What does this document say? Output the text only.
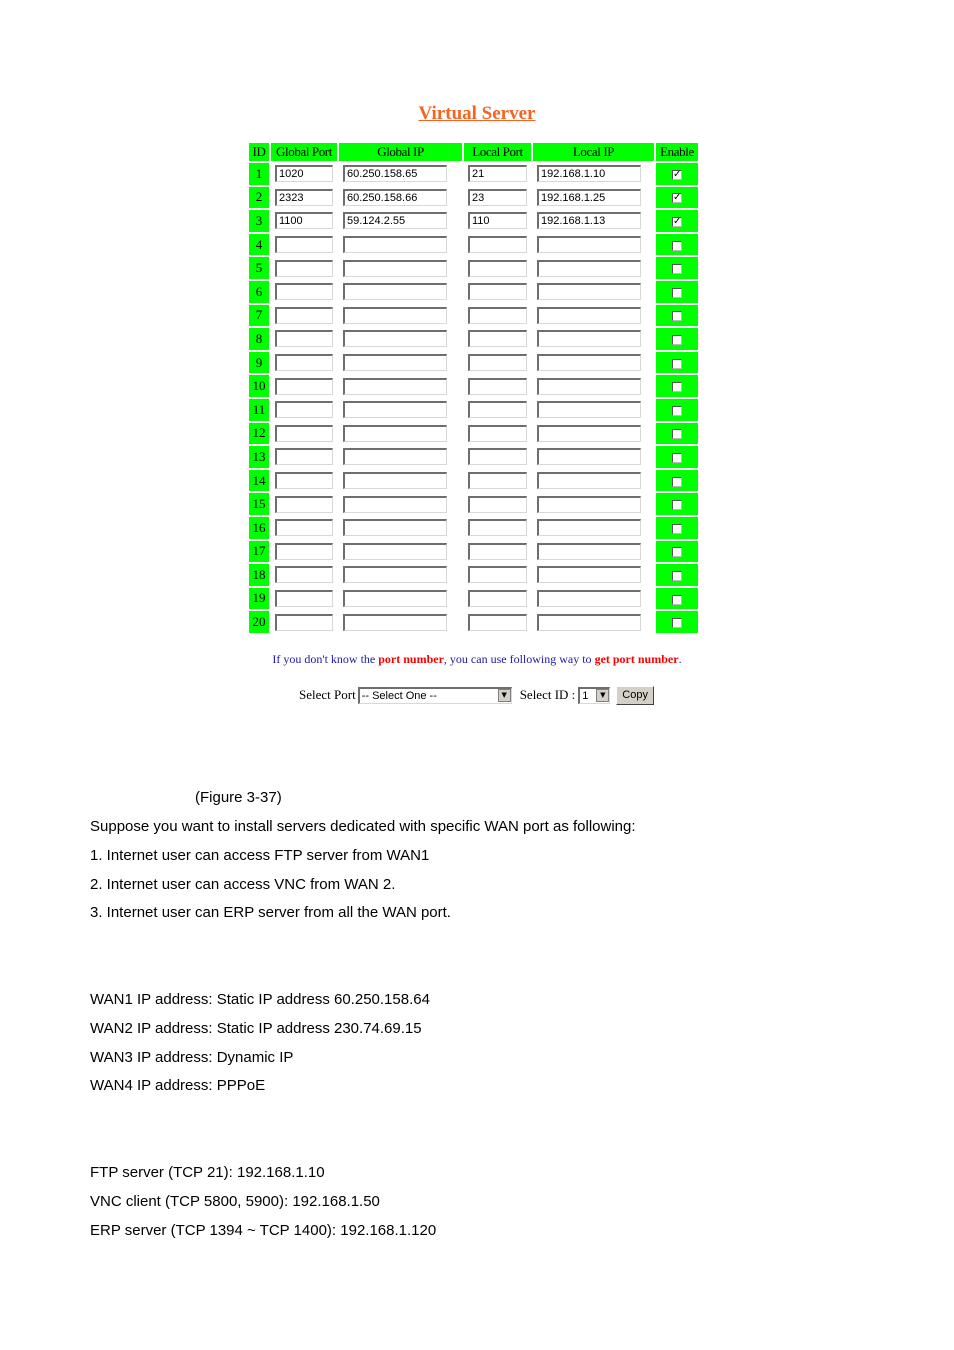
Virtual Server
ID	Global Port	Global IP	Local Port	Local IP	Enable
1	1020	60.250.158.65	21	192.168.1.10	✓
2	2323	60.250.158.66	23	192.168.1.25	✓
3	1100	59.124.2.55	110	192.168.1.13	✓
4	

5	

6	

7	

8	

9	

10	

11	

12	

13	

14	

15	

16	

17	

18	

19	

20	

If you don't know the port number, you can use following way to get port number.
Select Port -- Select One --	▼ Select ID : 1	▼	Copy
(Figure 3-37)
Suppose you want to install servers dedicated with specific WAN port as following:
1. Internet user can access FTP server from WAN1
2. Internet user can access VNC from WAN 2.
3. Internet user can ERP server from all the WAN port.
WAN1 IP address: Static IP address 60.250.158.64
WAN2 IP address: Static IP address 230.74.69.15
WAN3 IP address: Dynamic IP
WAN4 IP address: PPPoE
FTP server (TCP 21): 192.168.1.10
VNC client (TCP 5800, 5900): 192.168.1.50
ERP server (TCP 1394 ~ TCP 1400): 192.168.1.120
